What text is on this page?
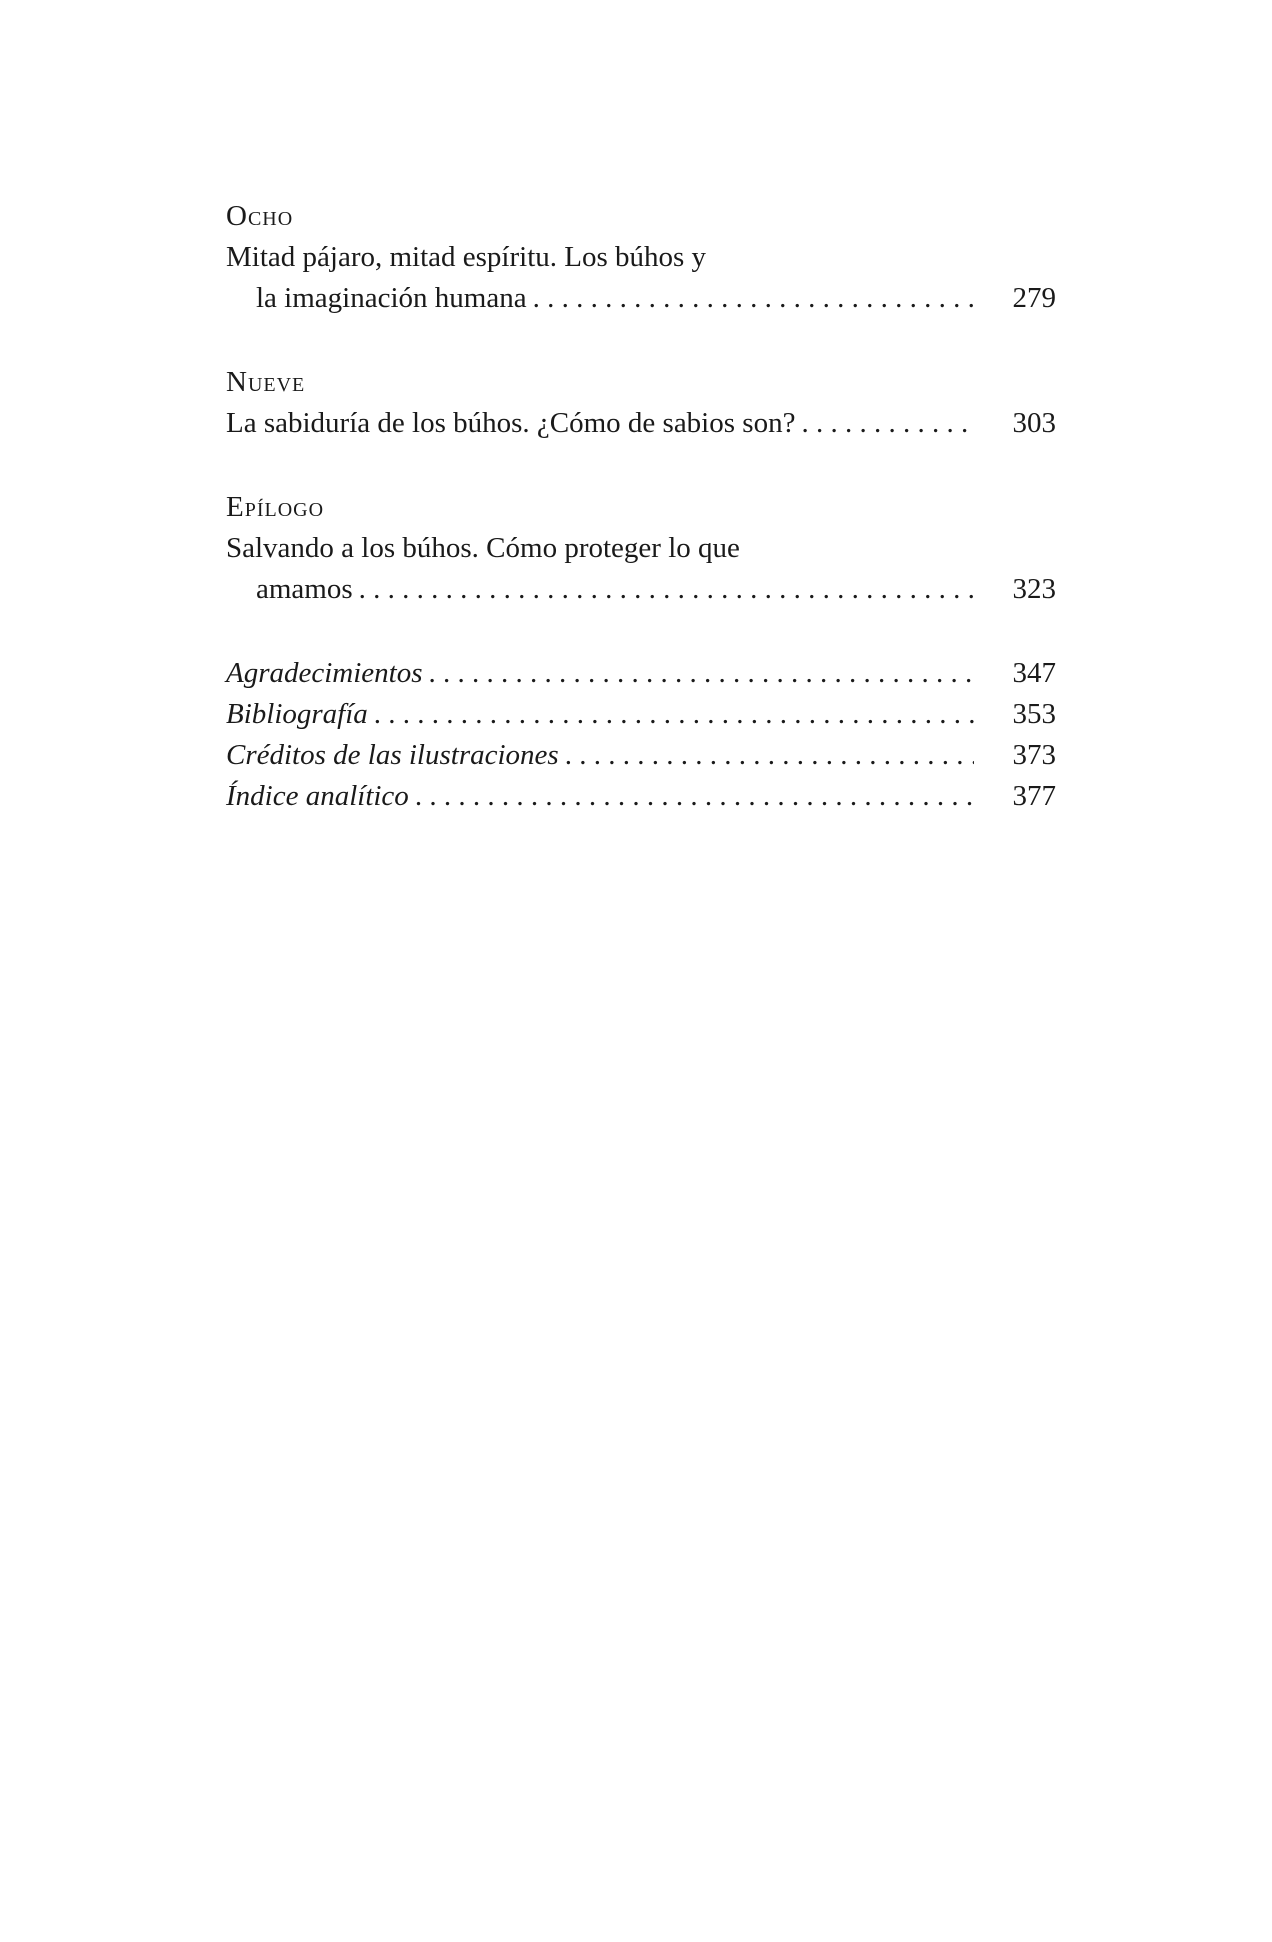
Ocho
Mitad pájaro, mitad espíritu. Los búhos y
la imaginación humana . . .	279
Nueve
La sabiduría de los búhos. ¿Cómo de sabios son? . . .	303
Epílogo
Salvando a los búhos. Cómo proteger lo que
amamos . . .	323
Agradecimientos . . .	347
Bibliografía . . .	353
Créditos de las ilustraciones . . .	373
Índice analítico . . .	377
